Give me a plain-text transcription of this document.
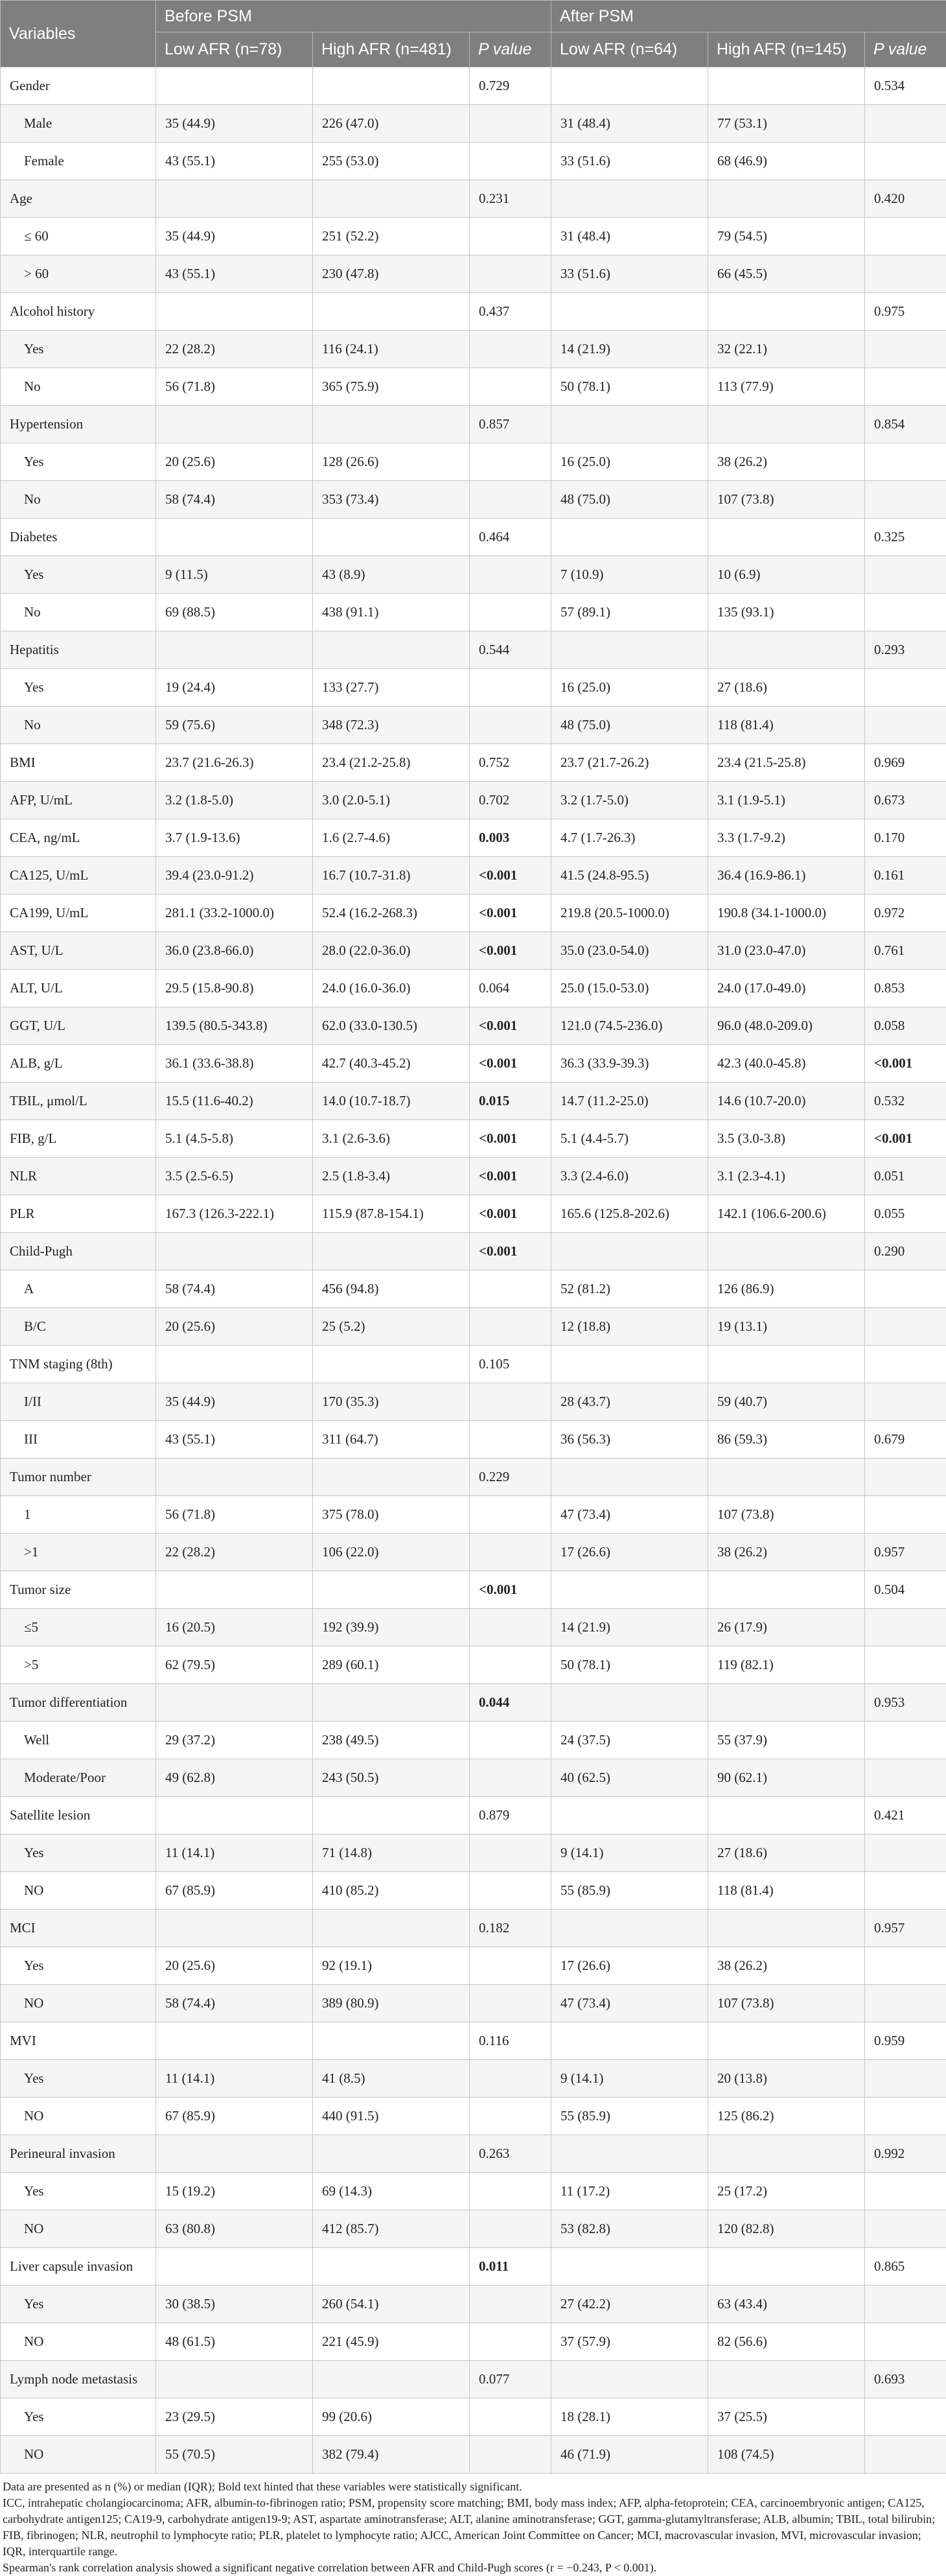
Variables	Before PSM			After PSM		
	Low AFR (n=78)	High AFR (n=481)	P value	Low AFR (n=64)	High AFR (n=145)	P value
Gender			0.729			0.534
Male	35 (44.9)	226 (47.0)		31 (48.4)	77 (53.1)	
Female	43 (55.1)	255 (53.0)		33 (51.6)	68 (46.9)	
Age			0.231			0.420
≤ 60	35 (44.9)	251 (52.2)		31 (48.4)	79 (54.5)	
> 60	43 (55.1)	230 (47.8)		33 (51.6)	66 (45.5)	
Alcohol history			0.437			0.975
Yes	22 (28.2)	116 (24.1)		14 (21.9)	32 (22.1)	
No	56 (71.8)	365 (75.9)		50 (78.1)	113 (77.9)	
Hypertension			0.857			0.854
Yes	20 (25.6)	128 (26.6)		16 (25.0)	38 (26.2)	
No	58 (74.4)	353 (73.4)		48 (75.0)	107 (73.8)	
Diabetes			0.464			0.325
Yes	9 (11.5)	43 (8.9)		7 (10.9)	10 (6.9)	
No	69 (88.5)	438 (91.1)		57 (89.1)	135 (93.1)	
Hepatitis			0.544			0.293
Yes	19 (24.4)	133 (27.7)		16 (25.0)	27 (18.6)	
No	59 (75.6)	348 (72.3)		48 (75.0)	118 (81.4)	
BMI	23.7 (21.6-26.3)	23.4 (21.2-25.8)	0.752	23.7 (21.7-26.2)	23.4 (21.5-25.8)	0.969
AFP, U/mL	3.2 (1.8-5.0)	3.0 (2.0-5.1)	0.702	3.2 (1.7-5.0)	3.1 (1.9-5.1)	0.673
CEA, ng/mL	3.7 (1.9-13.6)	1.6 (2.7-4.6)	0.003	4.7 (1.7-26.3)	3.3 (1.7-9.2)	0.170
CA125, U/mL	39.4 (23.0-91.2)	16.7 (10.7-31.8)	<0.001	41.5 (24.8-95.5)	36.4 (16.9-86.1)	0.161
CA199, U/mL	281.1 (33.2-1000.0)	52.4 (16.2-268.3)	<0.001	219.8 (20.5-1000.0)	190.8 (34.1-1000.0)	0.972
AST, U/L	36.0 (23.8-66.0)	28.0 (22.0-36.0)	<0.001	35.0 (23.0-54.0)	31.0 (23.0-47.0)	0.761
ALT, U/L	29.5 (15.8-90.8)	24.0 (16.0-36.0)	0.064	25.0 (15.0-53.0)	24.0 (17.0-49.0)	0.853
GGT, U/L	139.5 (80.5-343.8)	62.0 (33.0-130.5)	<0.001	121.0 (74.5-236.0)	96.0 (48.0-209.0)	0.058
ALB, g/L	36.1 (33.6-38.8)	42.7 (40.3-45.2)	<0.001	36.3 (33.9-39.3)	42.3 (40.0-45.8)	<0.001
TBIL, μmol/L	15.5 (11.6-40.2)	14.0 (10.7-18.7)	0.015	14.7 (11.2-25.0)	14.6 (10.7-20.0)	0.532
FIB, g/L	5.1 (4.5-5.8)	3.1 (2.6-3.6)	<0.001	5.1 (4.4-5.7)	3.5 (3.0-3.8)	<0.001
NLR	3.5 (2.5-6.5)	2.5 (1.8-3.4)	<0.001	3.3 (2.4-6.0)	3.1 (2.3-4.1)	0.051
PLR	167.3 (126.3-222.1)	115.9 (87.8-154.1)	<0.001	165.6 (125.8-202.6)	142.1 (106.6-200.6)	0.055
Child-Pugh			<0.001			0.290
A	58 (74.4)	456 (94.8)		52 (81.2)	126 (86.9)	
B/C	20 (25.6)	25 (5.2)		12 (18.8)	19 (13.1)	
TNM staging (8th)			0.105			
I/II	35 (44.9)	170 (35.3)		28 (43.7)	59 (40.7)	
III	43 (55.1)	311 (64.7)		36 (56.3)	86 (59.3)	0.679
Tumor number			0.229			
1	56 (71.8)	375 (78.0)		47 (73.4)	107 (73.8)	
>1	22 (28.2)	106 (22.0)		17 (26.6)	38 (26.2)	0.957
Tumor size			<0.001			0.504
≤5	16 (20.5)	192 (39.9)		14 (21.9)	26 (17.9)	
>5	62 (79.5)	289 (60.1)		50 (78.1)	119 (82.1)	
Tumor differentiation			0.044			0.953
Well	29 (37.2)	238 (49.5)		24 (37.5)	55 (37.9)	
Moderate/Poor	49 (62.8)	243 (50.5)		40 (62.5)	90 (62.1)	
Satellite lesion			0.879			0.421
Yes	11 (14.1)	71 (14.8)		9 (14.1)	27 (18.6)	
NO	67 (85.9)	410 (85.2)		55 (85.9)	118 (81.4)	
MCI			0.182			0.957
Yes	20 (25.6)	92 (19.1)		17 (26.6)	38 (26.2)	
NO	58 (74.4)	389 (80.9)		47 (73.4)	107 (73.8)	
MVI			0.116			0.959
Yes	11 (14.1)	41 (8.5)		9 (14.1)	20 (13.8)	
NO	67 (85.9)	440 (91.5)		55 (85.9)	125 (86.2)	
Perineural invasion			0.263			0.992
Yes	15 (19.2)	69 (14.3)		11 (17.2)	25 (17.2)	
NO	63 (80.8)	412 (85.7)		53 (82.8)	120 (82.8)	
Liver capsule invasion			0.011			0.865
Yes	30 (38.5)	260 (54.1)		27 (42.2)	63 (43.4)	
NO	48 (61.5)	221 (45.9)		37 (57.9)	82 (56.6)	
Lymph node metastasis			0.077			0.693
Yes	23 (29.5)	99 (20.6)		18 (28.1)	37 (25.5)	
NO	55 (70.5)	382 (79.4)		46 (71.9)	108 (74.5)	

Data are presented as n (%) or median (IQR); Bold text hinted that these variables were statistically significant.

ICC, intrahepatic cholangiocarcinoma; AFR, albumin-to-fibrinogen ratio; PSM, propensity score matching; BMI, body mass index; AFP, alpha-fetoprotein; CEA, carcinoembryonic antigen; CA125, carbohydrate antigen125; CA19-9, carbohydrate antigen19-9; AST, aspartate aminotransferase; ALT, alanine aminotransferase; GGT, gamma-glutamyltransferase; ALB, albumin; TBIL, total bilirubin; FIB, fibrinogen; NLR, neutrophil to lymphocyte ratio; PLR, platelet to lymphocyte ratio; AJCC, American Joint Committee on Cancer; MCI, macrovascular invasion, MVI, microvascular invasion; IQR, interquartile range.

Spearman's rank correlation analysis showed a significant negative correlation between AFR and Child-Pugh scores (r = −0.243, P < 0.001).
